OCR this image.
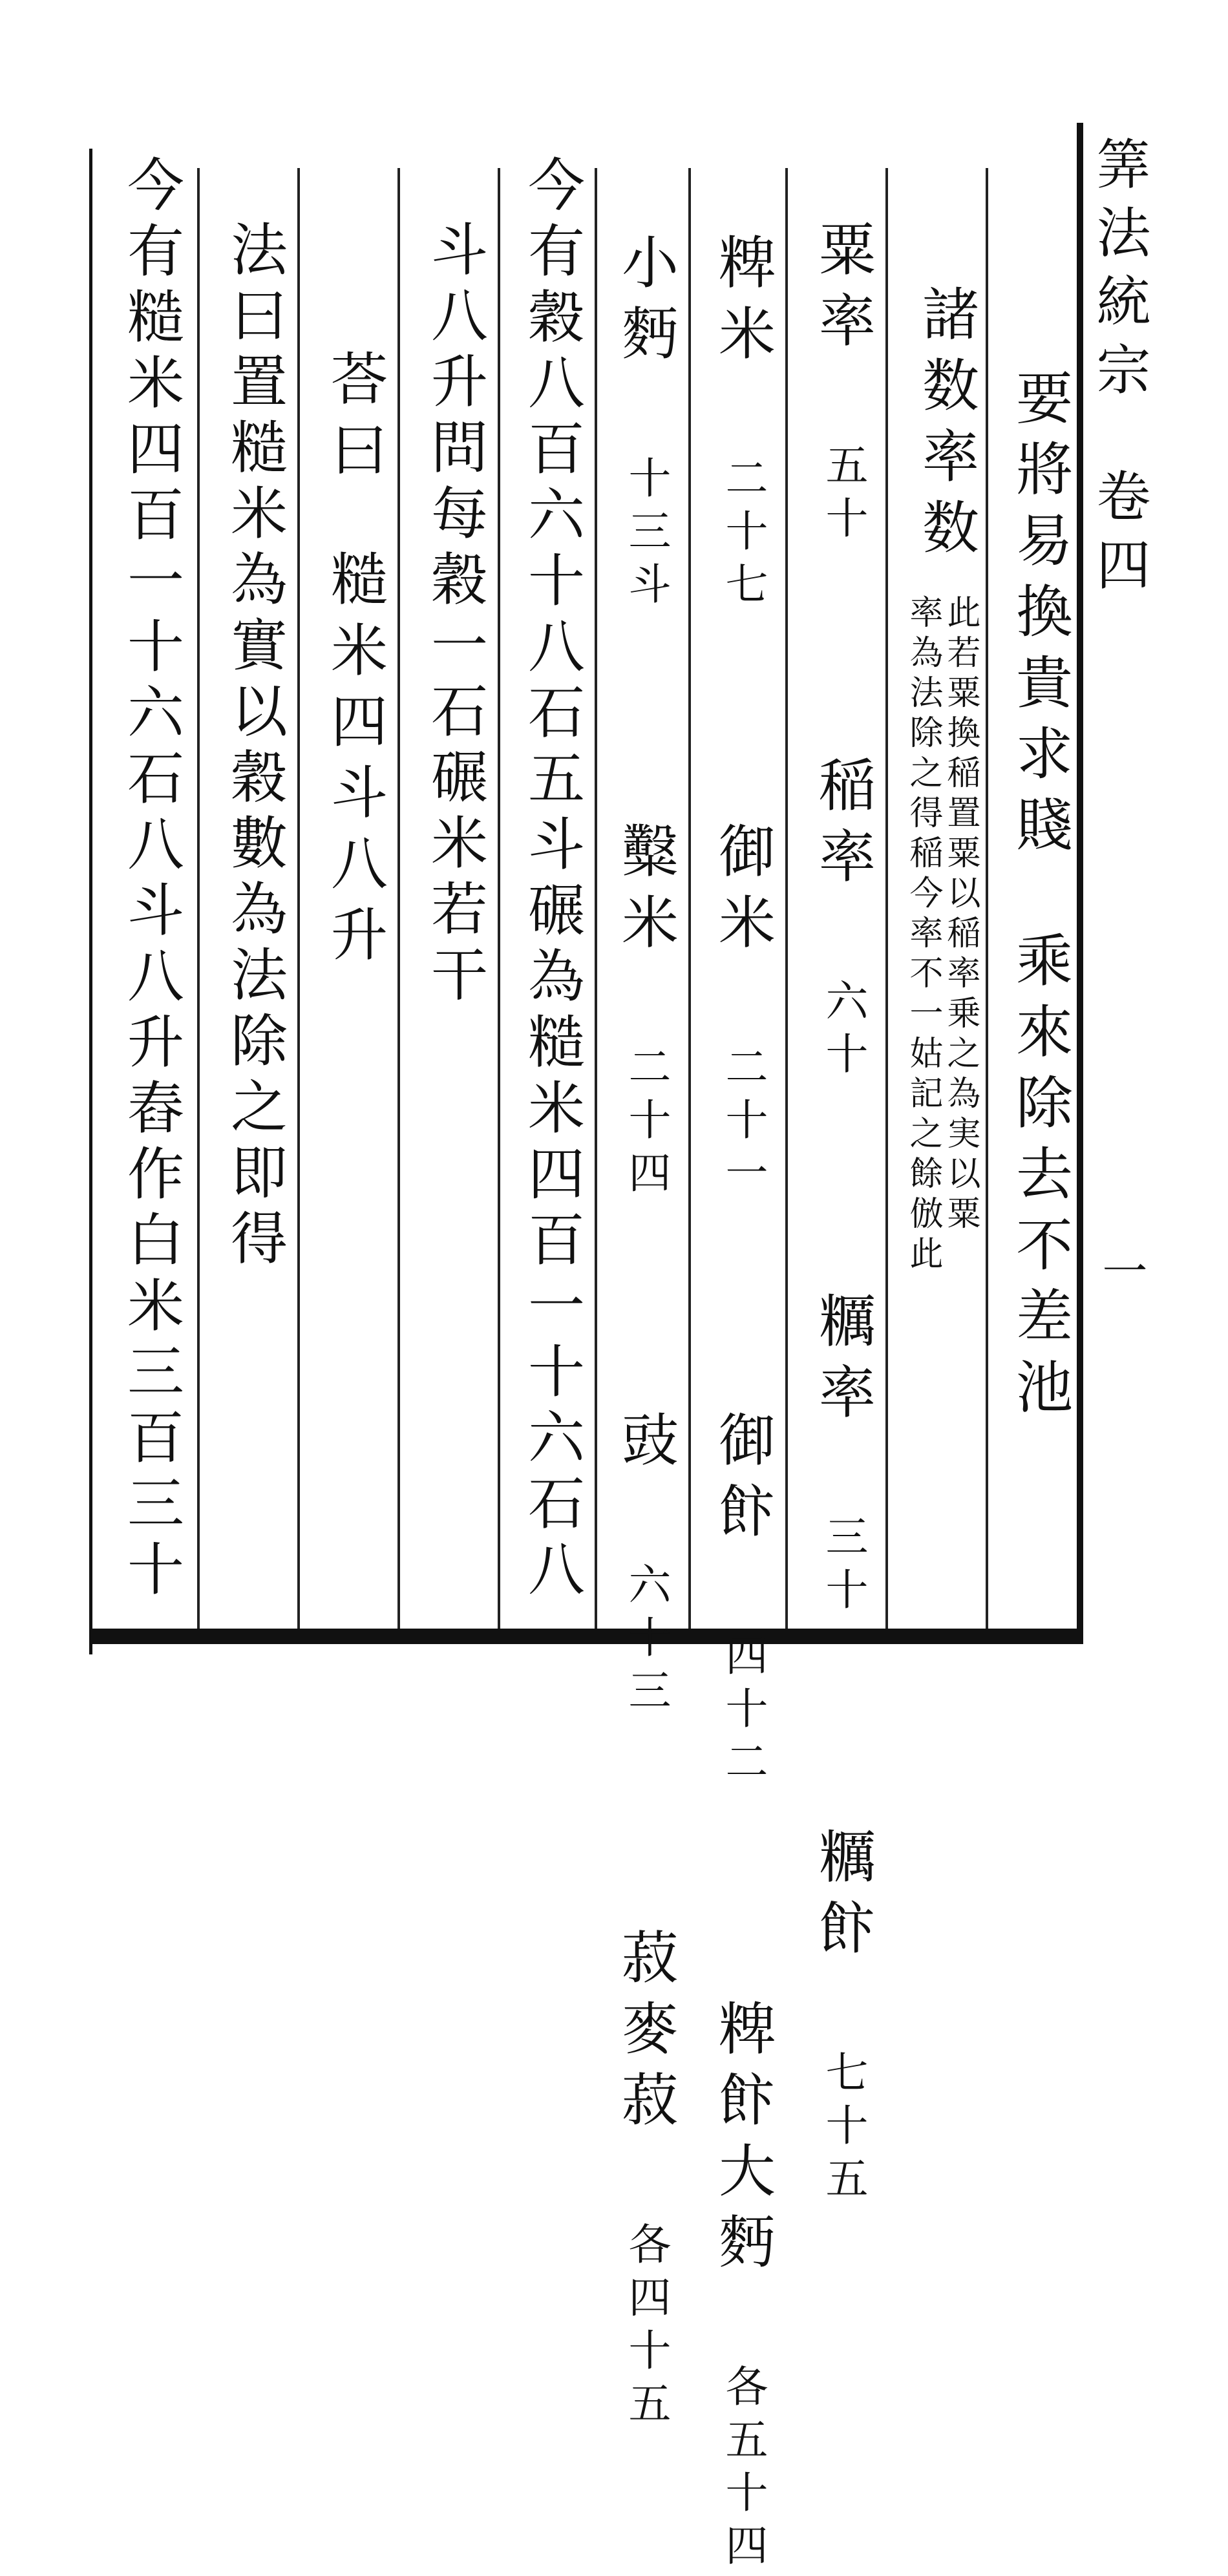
筭法統宗卷四
一
要將易換貴求賤乘來除去不差池
諸数率数
此若粟換稲置粟以稲率乗之為実以粟
率為法除之得稲今率不一姑記之餘倣此
粟率 五十  稲率 六十  糲率 三十  糲飰 七十五
粺米 二十七  御米 二十一  御飰 四十二  粺飰大麪 各五十四
小麪 十三斗  糳米 二十四  豉 六十三  菽麥菽 各四十五
今有穀八百六十八石五斗碾為糙米四百一十六石八
斗八升問每穀一石碾米若干
荅曰糙米四斗八升
法曰置糙米為實以穀數為法除之即得
今有糙米四百一十六石八斗八升舂作白米三百三十
